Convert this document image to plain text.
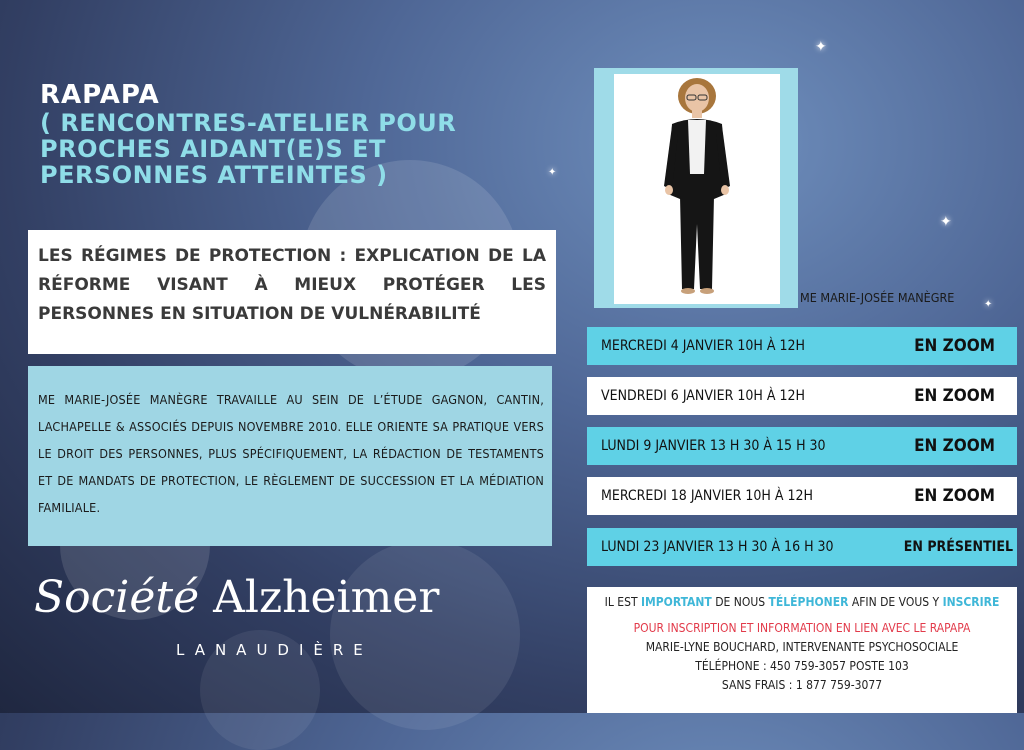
✦
✦
✦
✦
RAPAPA
( RENCONTRES-ATELIER POUR
PROCHES AIDANT(E)S ET
PERSONNES ATTEINTES )

LES RÉGIMES DE PROTECTION : EXPLICATION DE LA RÉFORME VISANT À MIEUX PROTÉGER LES PERSONNES EN SITUATION DE VULNÉRABILITÉ

ME MARIE-JOSÉE MANÈGRE TRAVAILLE AU SEIN DE L’ÉTUDE GAGNON, CANTIN, LACHAPELLE & ASSOCIÉS DEPUIS NOVEMBRE 2010. ELLE ORIENTE SA PRATIQUE VERS LE DROIT DES PERSONNES, PLUS SPÉCIFIQUEMENT, LA RÉDACTION DE TESTAMENTS ET DE MANDATS DE PROTECTION, LE RÈGLEMENT DE SUCCESSION ET LA MÉDIATION FAMILIALE.

Société Alzheimer
LANAUDIÈRE
ME MARIE-JOSÉE MANÈGRE
MERCREDI 4 JANVIER 10H À 12H	EN ZOOM
VENDREDI 6 JANVIER 10H À 12H	EN ZOOM
LUNDI 9 JANVIER 13 H 30 À 15 H 30	EN ZOOM
MERCREDI 18 JANVIER 10H À 12H	EN ZOOM
LUNDI 23 JANVIER 13 H 30 À 16 H 30	EN PRÉSENTIEL
IL EST IMPORTANT DE NOUS TÉLÉPHONER AFIN DE VOUS Y INSCRIRE
POUR INSCRIPTION ET INFORMATION EN LIEN AVEC LE RAPAPA
MARIE-LYNE BOUCHARD, INTERVENANTE PSYCHOSOCIALE
TÉLÉPHONE : 450 759-3057 POSTE 103
SANS FRAIS : 1 877 759-3077
